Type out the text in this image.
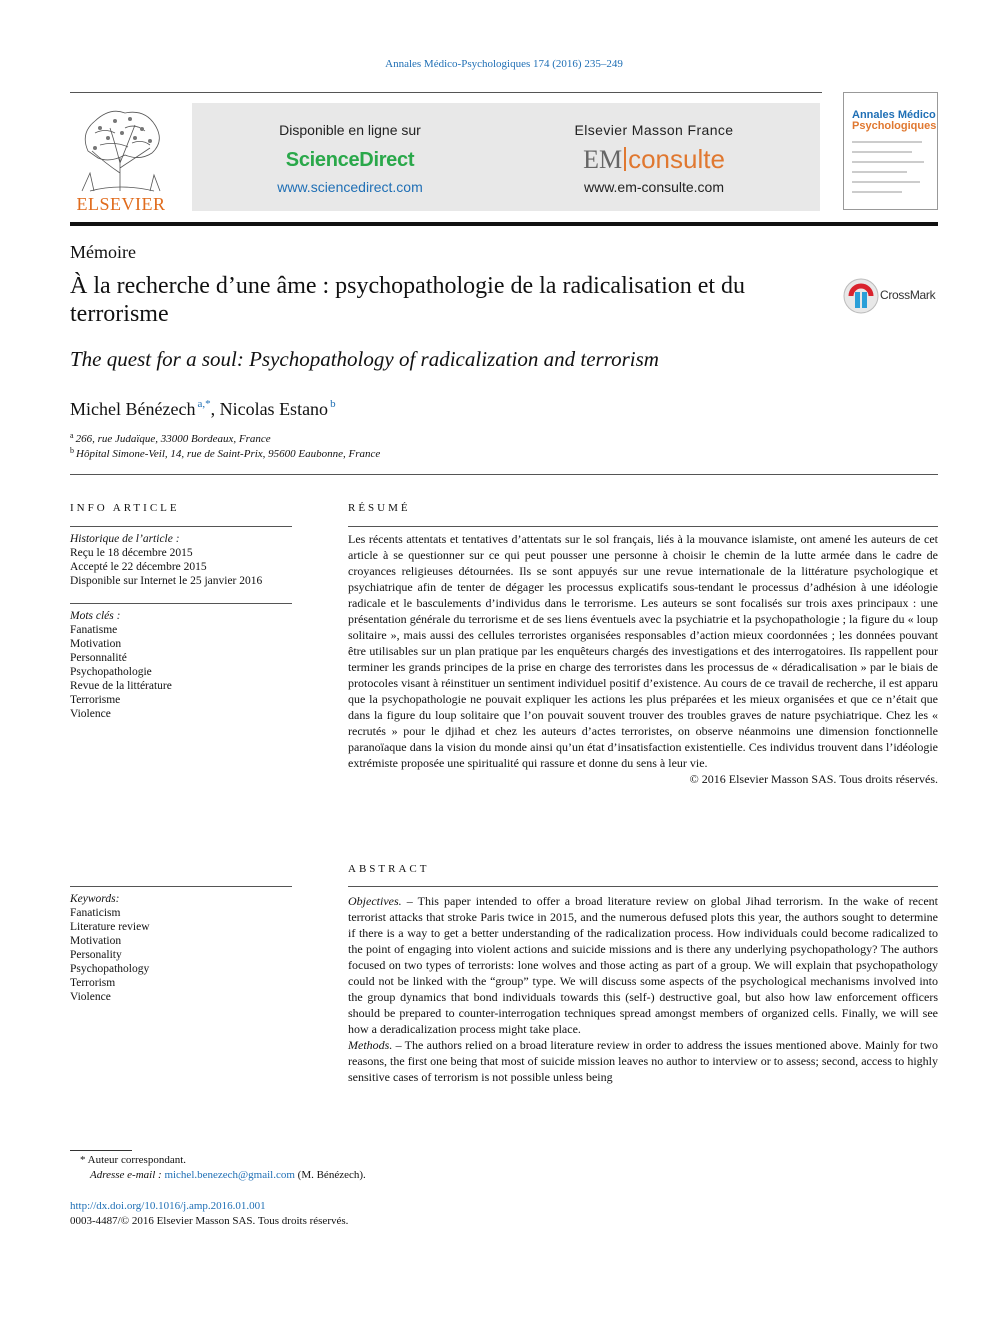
Annales Médico-Psychologiques 174 (2016) 235–249
ELSEVIER
Disponible en ligne sur
ScienceDirect
www.sciencedirect.com
Elsevier Masson France
EM consulte
www.em-consulte.com
Annales Médico
Psychologiques
Mémoire
À la recherche d’une âme : psychopathologie de la radicalisation et du terrorisme
CrossMark
The quest for a soul: Psychopathology of radicalization and terrorism
Michel Bénézech $^{a,*}$, Nicolas Estano $^b$
$^a$ 266, rue Judaïque, 33000 Bordeaux, France
$^b$ Hôpital Simone-Veil, 14, rue de Saint-Prix, 95600 Eaubonne, France
INFO ARTICLE
Historique de l’article :
Reçu le 18 décembre 2015
Accepté le 22 décembre 2015
Disponible sur Internet le 25 janvier 2016
Mots clés :
Fanatisme
Motivation
Personnalité
Psychopathologie
Revue de la littérature
Terrorisme
Violence
Keywords:
Fanaticism
Literature review
Motivation
Personality
Psychopathology
Terrorism
Violence
RÉSUMÉ

Les récents attentats et tentatives d’attentats sur le sol français, liés à la mouvance islamiste, ont amené les auteurs de cet article à se questionner sur ce qui peut pousser une personne à choisir le chemin de la lutte armée dans le cadre de croyances religieuses détournées. Ils se sont appuyés sur une revue internationale de la littérature psychologique et psychiatrique afin de tenter de dégager les processus explicatifs sous-tendant le processus d’adhésion à une idéologie radicale et le basculements d’individus dans le terrorisme. Les auteurs se sont focalisés sur trois axes principaux : une présentation générale du terrorisme et de ses liens éventuels avec la psychiatrie et la psychopathologie ; la figure du « loup solitaire », mais aussi des cellules terroristes organisées responsables d’action mieux coordonnées ; les données pouvant être utilisables sur un plan pratique par les enquêteurs chargés des investigations et des interrogatoires. Ils rappellent pour terminer les grands principes de la prise en charge des terroristes dans les processus de « déradicalisation » par le biais de protocoles visant à réinstituer un sentiment individuel positif d’existence. Au cours de ce travail de recherche, il est apparu que la psychopathologie ne pouvait expliquer les actions les plus préparées et les mieux organisées et que ce n’était que dans la figure du loup solitaire que l’on pouvait souvent trouver des troubles graves de nature psychiatrique. Chez les « recrutés » pour le djihad et chez les auteurs d’actes terroristes, on observe néanmoins une dimension fonctionnelle paranoïaque dans la vision du monde ainsi qu’un état d’insatisfaction existentielle. Ces individus trouvent dans l’idéologie extrémiste proposée une spiritualité qui rassure et donne du sens à leur vie.

© 2016 Elsevier Masson SAS. Tous droits réservés.

ABSTRACT

Objectives. – This paper intended to offer a broad literature review on global Jihad terrorism. In the wake of recent terrorist attacks that stroke Paris twice in 2015, and the numerous defused plots this year, the authors sought to determine if there is a way to get a better understanding of the radicalization process. How individuals could become radicalized to the point of engaging into violent actions and suicide missions and is there any underlying psychopathology? The authors focused on two types of terrorists: lone wolves and those acting as part of a group. We will explain that psychopathology could not be linked with the “group” type. We will discuss some aspects of the psychological mechanisms involved into the group dynamics that bond individuals towards this (self-) destructive goal, but also how law enforcement officers should be prepared to counter-interrogation techniques spread amongst members of organized cells. Finally, we will see how a deradicalization process might take place.

Methods. – The authors relied on a broad literature review in order to address the issues mentioned above. Mainly for two reasons, the first one being that most of suicide mission leaves no author to interview or to assess; second, access to highly sensitive cases of terrorism is not possible unless being

* Auteur correspondant.
Adresse e-mail : michel.benezech@gmail.com (M. Bénézech).
http://dx.doi.org/10.1016/j.amp.2016.01.001
0003-4487/© 2016 Elsevier Masson SAS. Tous droits réservés.
